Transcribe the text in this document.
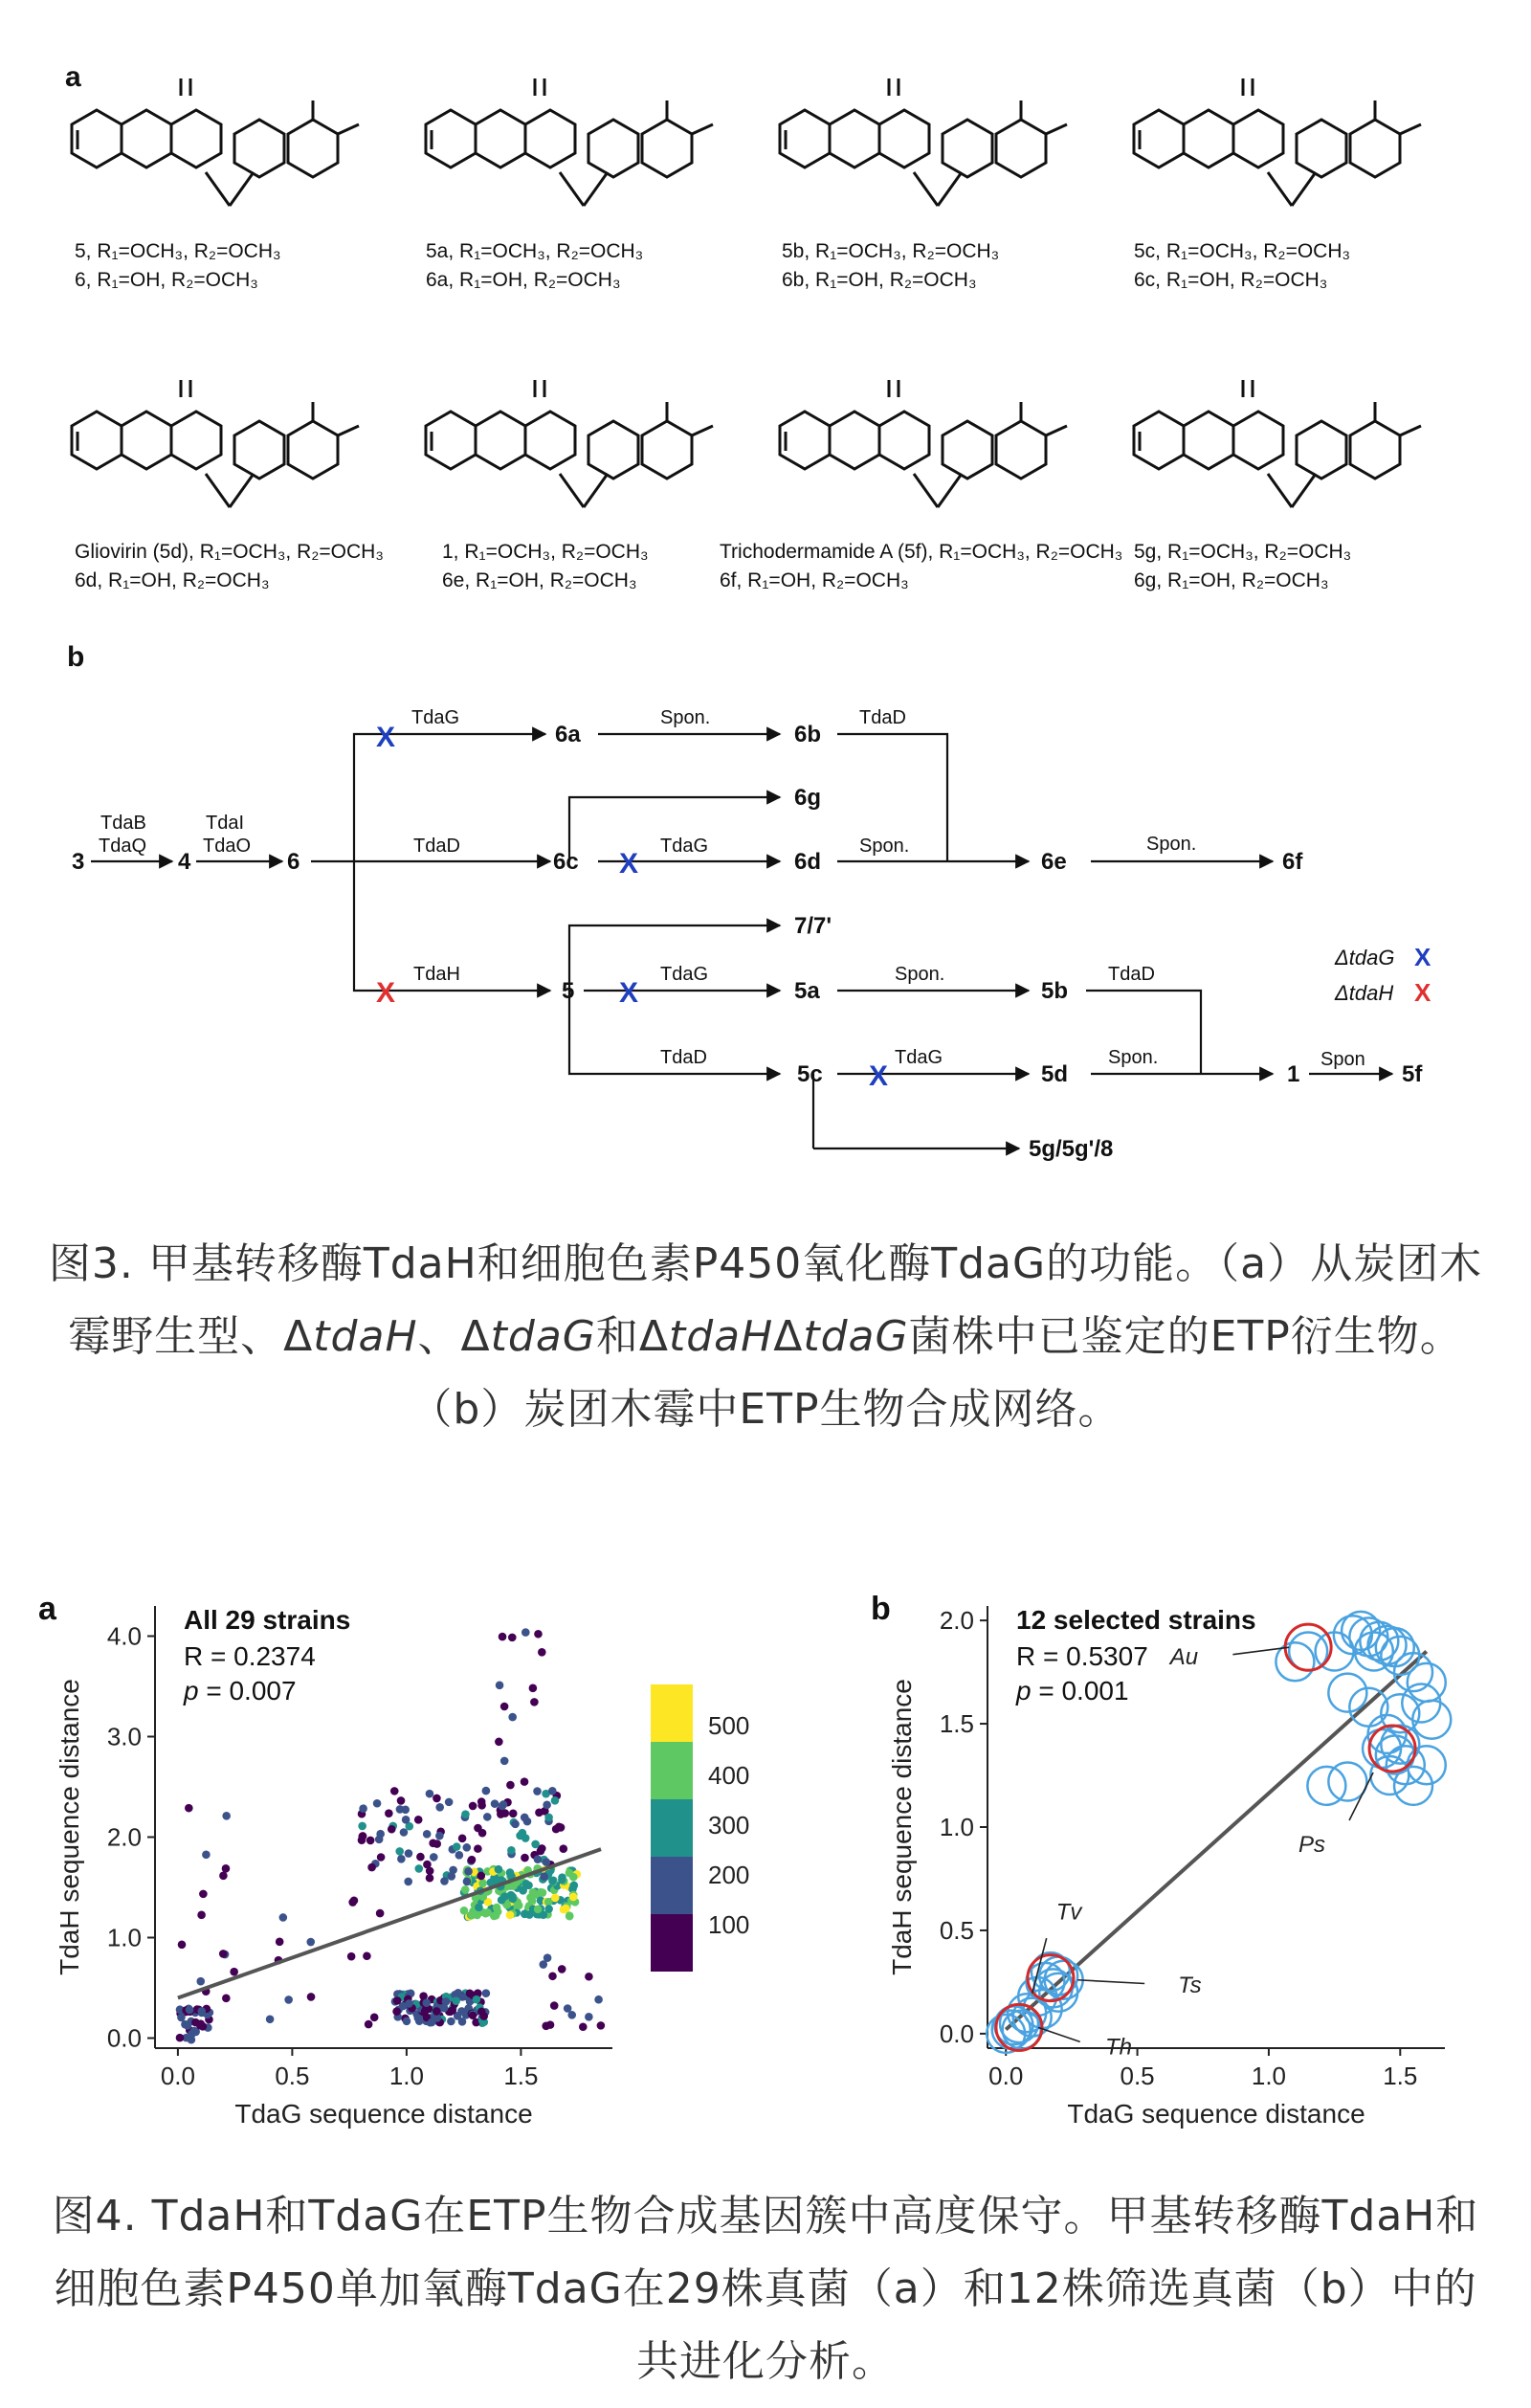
a
5, R₁=OCH₃, R₂=OCH₃
6, R₁=OH, R₂=OCH₃
5a, R₁=OCH₃, R₂=OCH₃
6a, R₁=OH, R₂=OCH₃
5b, R₁=OCH₃, R₂=OCH₃
6b, R₁=OH, R₂=OCH₃
5c, R₁=OCH₃, R₂=OCH₃
6c, R₁=OH, R₂=OCH₃
Gliovirin (5d), R₁=OCH₃, R₂=OCH₃
6d, R₁=OH, R₂=OCH₃
1, R₁=OCH₃, R₂=OCH₃
6e, R₁=OH, R₂=OCH₃
Trichodermamide A (5f), R₁=OCH₃, R₂=OCH₃
6f, R₁=OH, R₂=OCH₃
5g, R₁=OCH₃, R₂=OCH₃
6g, R₁=OH, R₂=OCH₃
b
3	4	6
6a	6b
6g
6c	6d	6e	6f
7/7'
5	5a	5b
5c	5d	1	5f
5g/5g'/8
TdaB
TdaQ
TdaI
TdaO
TdaG	Spon.	TdaD
TdaD	TdaG	Spon.	Spon.
TdaH	TdaG	Spon.	TdaD
TdaD	TdaG	Spon.	Spon
X
X
X	X
X
ΔtdaG
ΔtdaH
X
X
图3. 甲基转移酶TdaH和细胞色素P450氧化酶TdaG的功能。（a）从炭团木霉野生型、ΔtdaH、ΔtdaG和ΔtdaHΔtdaG菌株中已鉴定的ETP衍生物。（b）炭团木霉中ETP生物合成网络。
0.0	0.5	1.0	1.5
0.0
1.0
2.0
3.0
4.0
TdaG sequence distance
TdaH sequence distance
a	All 29 strains
R = 0.2374
p = 0.007
100
200
300
400
500
0.0	0.5	1.0	1.5
0.0
0.5
1.0
1.5
2.0
TdaG sequence distance
TdaH sequence distance
b	12 selected strains
R = 0.5307
p = 0.001
Au
Ps
Tv
Ts
Th
图4. TdaH和TdaG在ETP生物合成基因簇中高度保守。甲基转移酶TdaH和细胞色素P450单加氧酶TdaG在29株真菌（a）和12株筛选真菌（b）中的共进化分析。
